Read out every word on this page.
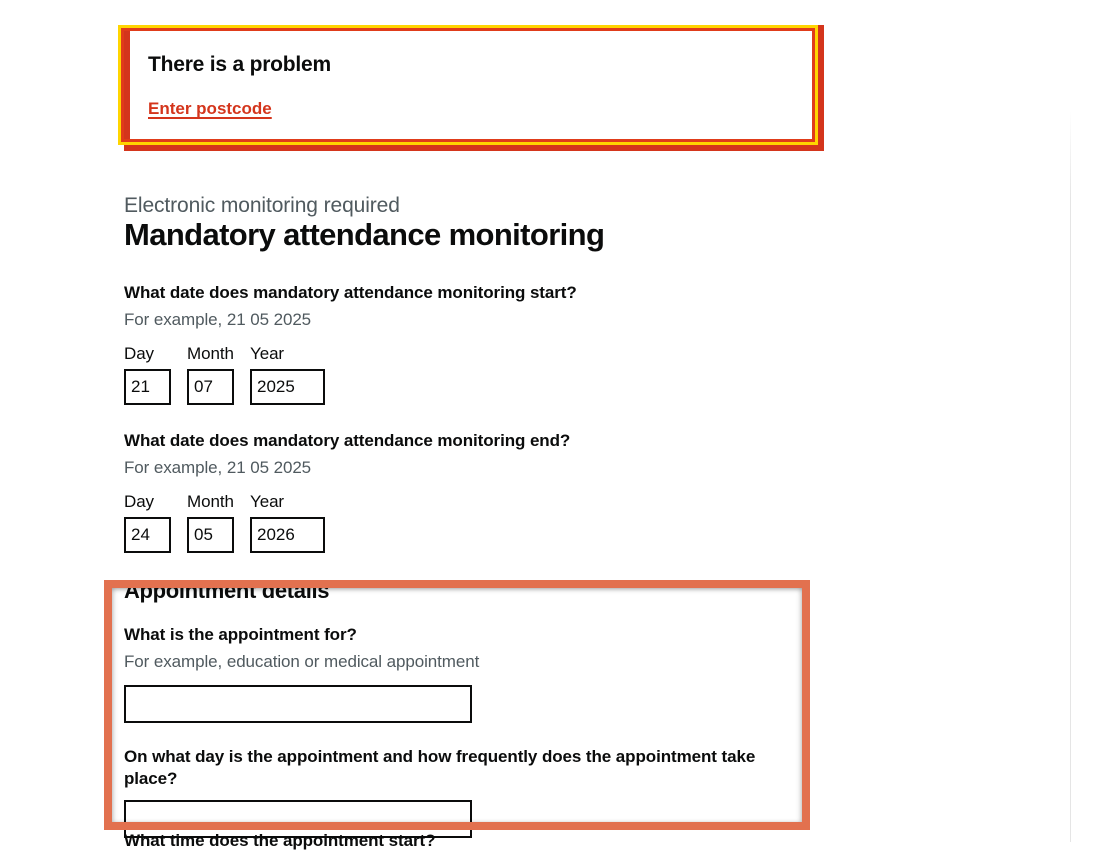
There is a problem
Enter postcode
Electronic monitoring required
Mandatory attendance monitoring

What date does mandatory attendance monitoring start?

For example, 21 05 2025

Day
21	Month
07 Year
2025

What date does mandatory attendance monitoring end?

For example, 21 05 2025

Day
24	Month
05 Year
2026
Appointment details

What is the appointment for?

For example, education or medical appointment

On what day is the appointment and how frequently does the appointment take place?

What time does the appointment start?
